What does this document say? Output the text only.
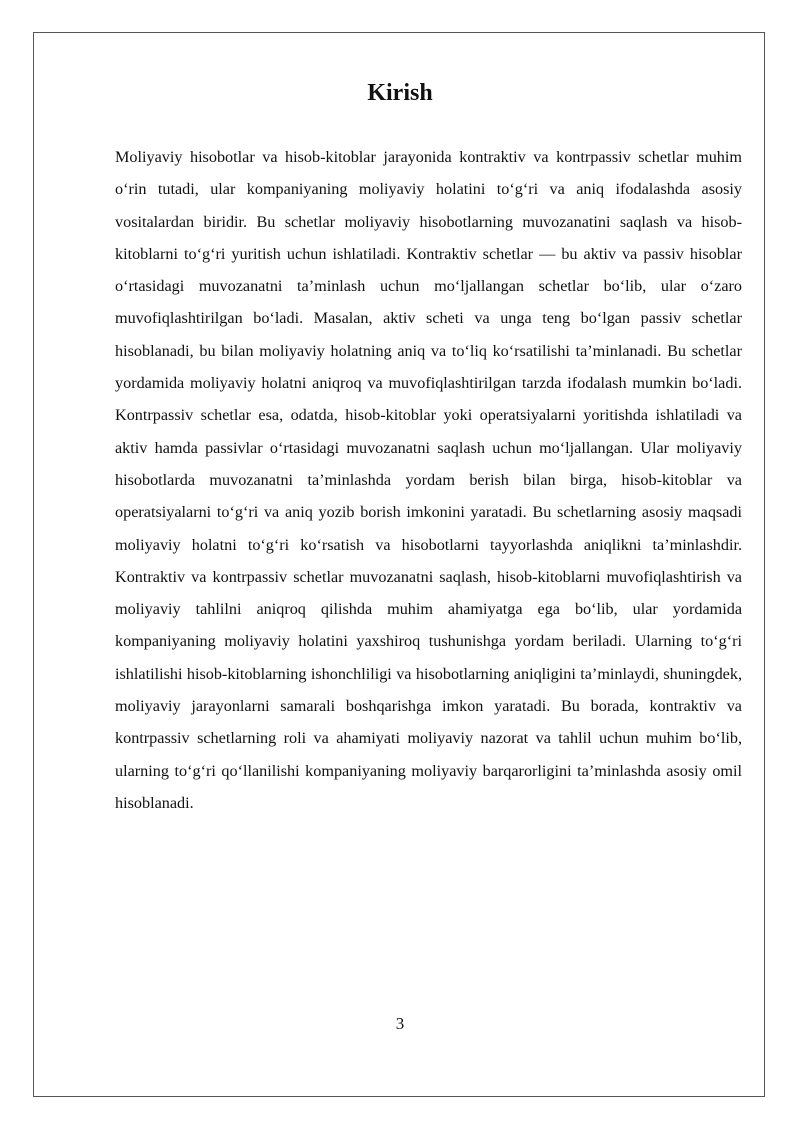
Kirish

Moliyaviy hisobotlar va hisob-kitoblar jarayonida kontraktiv va kontrpassiv schetlar muhim o‘rin tutadi, ular kompaniyaning moliyaviy holatini to‘g‘ri va aniq ifodalashda asosiy vositalardan biridir. Bu schetlar moliyaviy hisobotlarning muvozanatini saqlash va hisob-kitoblarni to‘g‘ri yuritish uchun ishlatiladi. Kontraktiv schetlar — bu aktiv va passiv hisoblar o‘rtasidagi muvozanatni ta’minlash uchun mo‘ljallangan schetlar bo‘lib, ular o‘zaro muvofiqlashtirilgan bo‘ladi. Masalan, aktiv scheti va unga teng bo‘lgan passiv schetlar hisoblanadi, bu bilan moliyaviy holatning aniq va to‘liq ko‘rsatilishi ta’minlanadi. Bu schetlar yordamida moliyaviy holatni aniqroq va muvofiqlashtirilgan tarzda ifodalash mumkin bo‘ladi. Kontrpassiv schetlar esa, odatda, hisob-kitoblar yoki operatsiyalarni yoritishda ishlatiladi va aktiv hamda passivlar o‘rtasidagi muvozanatni saqlash uchun mo‘ljallangan. Ular moliyaviy hisobotlarda muvozanatni ta’minlashda yordam berish bilan birga, hisob-kitoblar va operatsiyalarni to‘g‘ri va aniq yozib borish imkonini yaratadi. Bu schetlarning asosiy maqsadi moliyaviy holatni to‘g‘ri ko‘rsatish va hisobotlarni tayyorlashda aniqlikni ta’minlashdir. Kontraktiv va kontrpassiv schetlar muvozanatni saqlash, hisob-kitoblarni muvofiqlashtirish va moliyaviy tahlilni aniqroq qilishda muhim ahamiyatga ega bo‘lib, ular yordamida kompaniyaning moliyaviy holatini yaxshiroq tushunishga yordam beriladi. Ularning to‘g‘ri ishlatilishi hisob-kitoblarning ishonchliligi va hisobotlarning aniqligini ta’minlaydi, shuningdek, moliyaviy jarayonlarni samarali boshqarishga imkon yaratadi. Bu borada, kontraktiv va kontrpassiv schetlarning roli va ahamiyati moliyaviy nazorat va tahlil uchun muhim bo‘lib, ularning to‘g‘ri qo‘llanilishi kompaniyaning moliyaviy barqarorligini ta’minlashda asosiy omil hisoblanadi.

3
